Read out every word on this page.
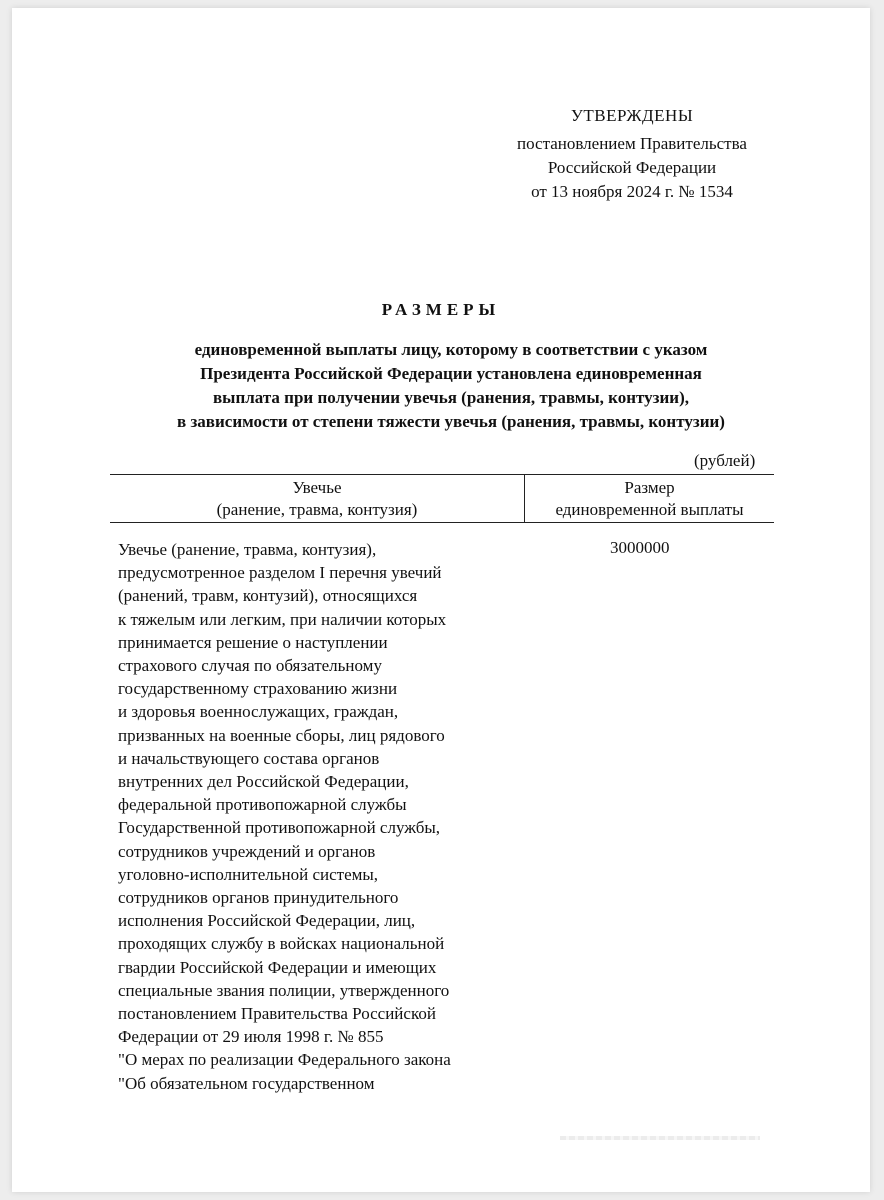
УТВЕРЖДЕНЫ
постановлением Правительства
Российской Федерации
от 13 ноября 2024 г. № 1534
РАЗМЕРЫ
единовременной выплаты лицу, которому в соответствии с указом
Президента Российской Федерации установлена единовременная
выплата при получении увечья (ранения, травмы, контузии),
в зависимости от степени тяжести увечья (ранения, травмы, контузии)
(рублей)
Увечье
(ранение, травма, контузия)
Размер
единовременной выплаты
Увечье (ранение, травма, контузия),
предусмотренное разделом I перечня увечий
(ранений, травм, контузий), относящихся
к тяжелым или легким, при наличии которых
принимается решение о наступлении
страхового случая по обязательному
государственному страхованию жизни
и здоровья военнослужащих, граждан,
призванных на военные сборы, лиц рядового
и начальствующего состава органов
внутренних дел Российской Федерации,
федеральной противопожарной службы
Государственной противопожарной службы,
сотрудников учреждений и органов
уголовно-исполнительной системы,
сотрудников органов принудительного
исполнения Российской Федерации, лиц,
проходящих службу в войсках национальной
гвардии Российской Федерации и имеющих
специальные звания полиции, утвержденного
постановлением Правительства Российской
Федерации от 29 июля 1998 г. № 855
"О мерах по реализации Федерального закона
"Об обязательном государственном
3000000
